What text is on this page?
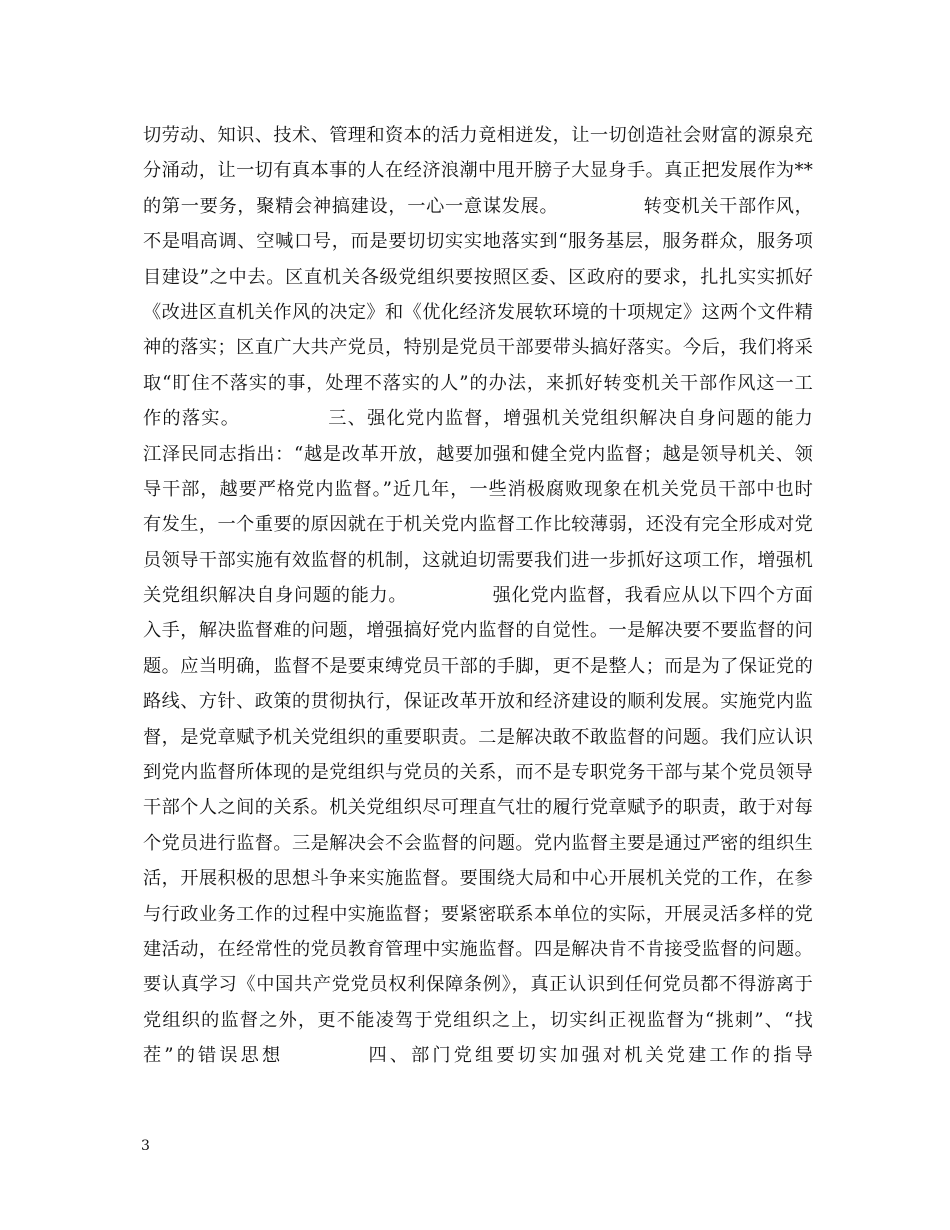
切劳动、知识、技术、管理和资本的活力竟相迸发，让一切创造社会财富的源泉充
分涌动，让一切有真本事的人在经济浪潮中甩开膀子大显身手。真正把发展作为**
的第一要务，聚精会神搞建设，一心一意谋发展。　　　　　转变机关干部作风，
不是唱高调、空喊口号，而是要切切实实地落实到“服务基层，服务群众，服务项
目建设”之中去。区直机关各级党组织要按照区委、区政府的要求，扎扎实实抓好
《改进区直机关作风的决定》和《优化经济发展软环境的十项规定》这两个文件精
神的落实；区直广大共产党员，特别是党员干部要带头搞好落实。今后，我们将采
取“盯住不落实的事，处理不落实的人”的办法，来抓好转变机关干部作风这一工
作的落实。　　　　　三、强化党内监督，增强机关党组织解决自身问题的能力
江泽民同志指出：“越是改革开放，越要加强和健全党内监督；越是领导机关、领
导干部，越要严格党内监督。”近几年，一些消极腐败现象在机关党员干部中也时
有发生，一个重要的原因就在于机关党内监督工作比较薄弱，还没有完全形成对党
员领导干部实施有效监督的机制，这就迫切需要我们进一步抓好这项工作，增强机
关党组织解决自身问题的能力。　　　　　强化党内监督，我看应从以下四个方面
入手，解决监督难的问题，增强搞好党内监督的自觉性。一是解决要不要监督的问
题。应当明确，监督不是要束缚党员干部的手脚，更不是整人；而是为了保证党的
路线、方针、政策的贯彻执行，保证改革开放和经济建设的顺利发展。实施党内监
督，是党章赋予机关党组织的重要职责。二是解决敢不敢监督的问题。我们应认识
到党内监督所体现的是党组织与党员的关系，而不是专职党务干部与某个党员领导
干部个人之间的关系。机关党组织尽可理直气壮的履行党章赋予的职责，敢于对每
个党员进行监督。三是解决会不会监督的问题。党内监督主要是通过严密的组织生
活，开展积极的思想斗争来实施监督。要围绕大局和中心开展机关党的工作，在参
与行政业务工作的过程中实施监督；要紧密联系本单位的实际，开展灵活多样的党
建活动，在经常性的党员教育管理中实施监督。四是解决肯不肯接受监督的问题。
要认真学习《中国共产党党员权利保障条例》，真正认识到任何党员都不得游离于
党组织的监督之外，更不能凌驾于党组织之上，切实纠正视监督为“挑刺”、“找
茬”的错误思想　　　　四、部门党组要切实加强对机关党建工作的指导
3
